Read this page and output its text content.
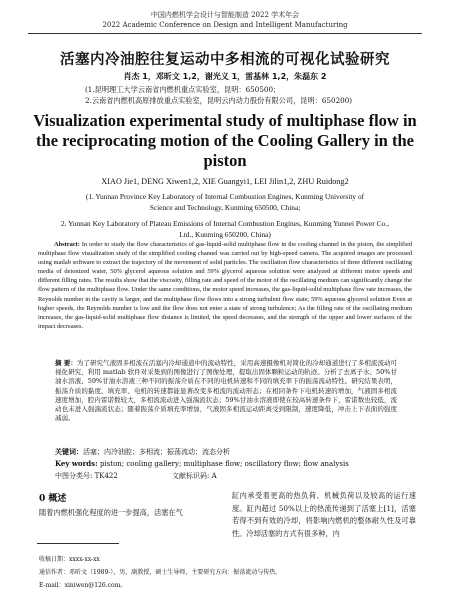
中国内燃机学会设计与智能制造 2022 学术年会
2022 Academic Conference on Design and Intelligent Manufacturing
活塞内冷油腔往复运动中多相流的可视化试验研究
肖杰 1，邓昕文 1,2，谢光义 1，雷基林 1,2，朱磊东 2
(1.昆明理工大学云南省内燃机重点实验室，昆明：650500；
2.云南省内燃机高原排放重点实验室，昆明云内动力股份有限公司，昆明：650200)
Visualization experimental study of multiphase flow in
the reciprocating motion of the Cooling Gallery in the
piston
XIAO Jie1, DENG Xiwen1,2, XIE Guangyi1, LEI Jilin1,2, ZHU Ruidong2
(1. Yunnan Province Key Laboratory of Internal Combustion Engines, Kunming University of
Science and Technology, Kunming 650500, China;
2. Yunnan Key Laboratory of Plateau Emissions of Internal Combustion Engines, Kunming Yunnei Power Co.,
Ltd., Kunming 650200, China)
Abstract: In order to study the flow characteristics of gas-liquid-solid multiphase flow in the cooling channel in the piston, the simplified multiphase flow visualization study of the simplified cooling channel was carried out by high-speed camera. The acquired images are processed using matlab software to extract the trajectory of the movement of solid particles. The oscillation flow characteristics of three different oscillating media of deionized water, 50% glycerol aqueous solution and 59% glycerol aqueous solution were analyzed at different motor speeds and different filling rates. The results show that the viscosity, filling rate and speed of the motor of the oscillating medium can significantly change the flow pattern of the multiphase flow. Under the same conditions, the motor speed increases, the gas-liquid-solid multiphase flow rate increases, the Reynolds number in the cavity is larger, and the multiphase flow flows into a strong turbulent flow state; 59% aqueous glycerol solution Even at higher speeds, the Reynolds number is low and the flow does not enter a state of strong turbulence; As the filling rate of the oscillating medium increases, the gas-liquid-solid multiphase flow distance is limited, the speed decreases, and the strength of the upper and lower surfaces of the impact decreases.
摘 要：为了研究气液固多相流在活塞内冷却通道中的流动特性，采用高速摄像机对简化的冷却通道进行了多相流流动可视化研究，利用 matlab 软件对采集到的图像进行了图像处理，提取出固体颗粒运动的轨迹。分析了去离子水、50%甘油水溶液、59%甘油水溶液三种不同的振荡介质在不同的电机转速和不同的填充率下的振荡流动特性。研究结果表明，振荡介质的黏度、填充率、电机的转速都能显著改变多相流的流动形态；在相同条件下电机转速的增加，气液固多相流速度增加，腔内雷诺数较大，多相流流动进入强湍流状态；59%甘油水溶液即使在较高转速条件下，雷诺数也较低，流动也未进入强湍流状态；随着振荡介质填充率增加，气液固多相流运动距离受到限制，速度降低，冲击上下表面的强度减弱。
关键词：活塞；内冷油腔；多相流；振荡流动；流态分析
Key words: piston; cooling gallery; multiphase flow; oscillatory flow; flow analysis
中图分类号: TK422	文献标识码: A
0 概述
随着内燃机强化程度的进一步提高，活塞在气
缸内承受着更高的热负荷、机械负荷以及较高的运行速度。缸内超过 50%以上的热流传递到了活塞上[1]，活塞若得不到有效的冷却，将影响内燃机的整体耐久性及可靠性。冷却活塞的方式有很多种，内
收稿日期：xxxx-xx-xx
通信作者：邓昕文（1989-），男，副教授，硕士生导师，主要研究方向：振荡流动与传热。
E-mail：xiniwen@126.com。
